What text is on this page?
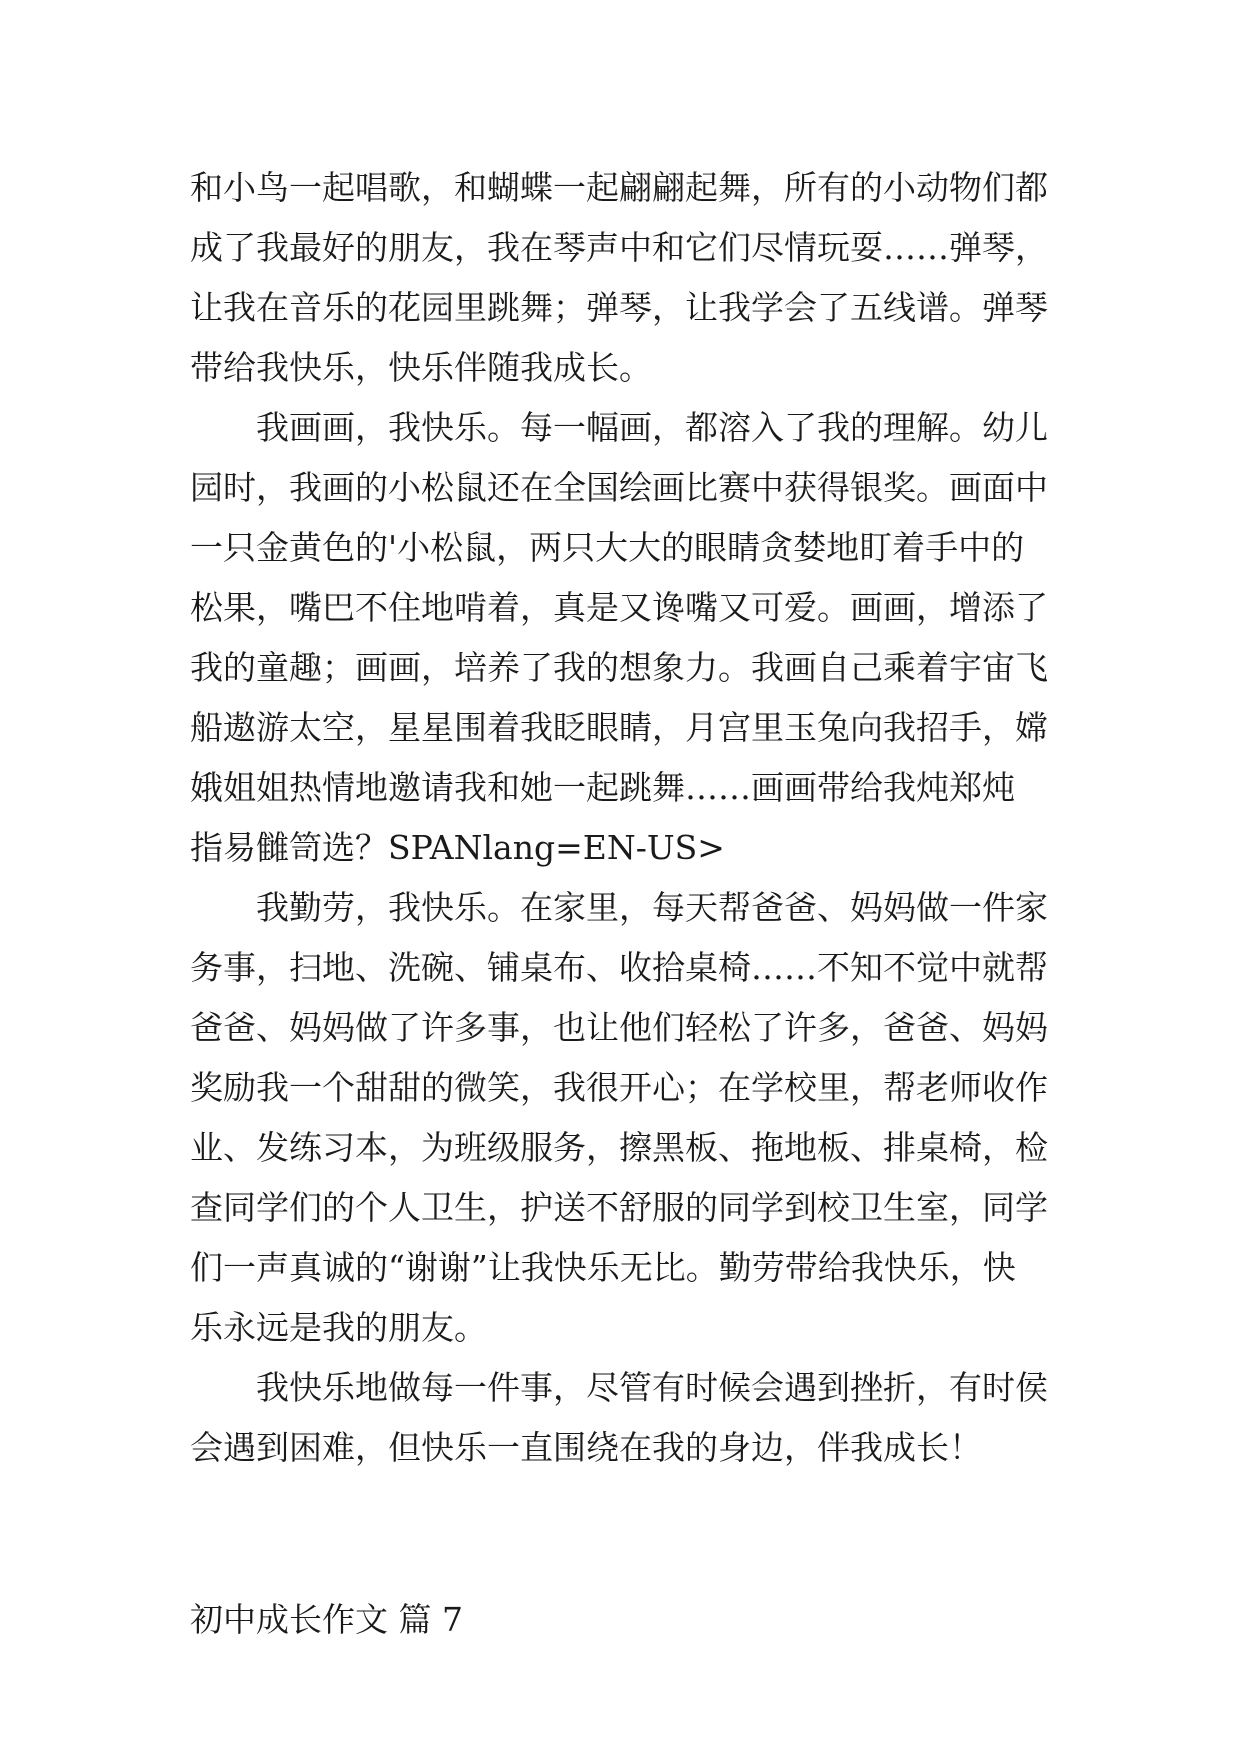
和小鸟一起唱歌，和蝴蝶一起翩翩起舞，所有的小动物们都
成了我最好的朋友，我在琴声中和它们尽情玩耍……弹琴，
让我在音乐的花园里跳舞；弹琴，让我学会了五线谱。弹琴
带给我快乐，快乐伴随我成长。
我画画，我快乐。每一幅画，都溶入了我的理解。幼儿
园时，我画的小松鼠还在全国绘画比赛中获得银奖。画面中
一只金黄色的'小松鼠，两只大大的眼睛贪婪地盯着手中的
松果，嘴巴不住地啃着，真是又谗嘴又可爱。画画，增添了
我的童趣；画画，培养了我的想象力。我画自己乘着宇宙飞
船遨游太空，星星围着我眨眼睛，月宫里玉兔向我招手，嫦
娥姐姐热情地邀请我和她一起跳舞……画画带给我炖郑炖
指易雠笥选？SPANlang=EN-US>
我勤劳，我快乐。在家里，每天帮爸爸、妈妈做一件家
务事，扫地、洗碗、铺桌布、收拾桌椅……不知不觉中就帮
爸爸、妈妈做了许多事，也让他们轻松了许多，爸爸、妈妈
奖励我一个甜甜的微笑，我很开心；在学校里，帮老师收作
业、发练习本，为班级服务，擦黑板、拖地板、排桌椅，检
查同学们的个人卫生，护送不舒服的同学到校卫生室，同学
们一声真诚的“谢谢”让我快乐无比。勤劳带给我快乐，快
乐永远是我的朋友。
我快乐地做每一件事，尽管有时候会遇到挫折，有时侯
会遇到困难，但快乐一直围绕在我的身边，伴我成长！
初中成长作文 篇 7
